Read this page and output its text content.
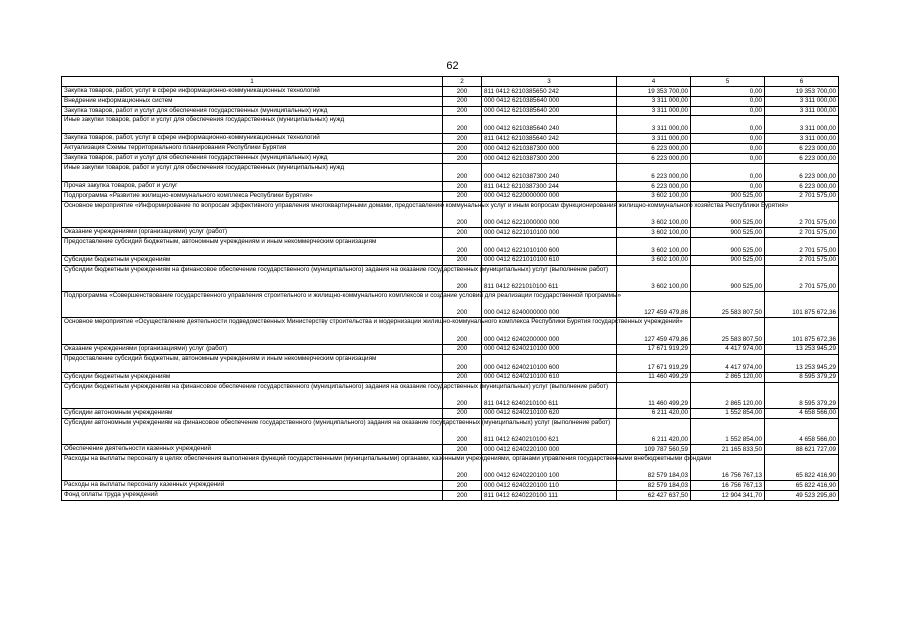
62
1	2	3	4	5	6
Закупка товаров, работ, услуг в сфере информационно-коммуникационных технологий	200	811 0412 6210385650 242	19 353 700,00	0,00	19 353 700,00
Внедрение информационных систем	200	000 0412 6210385640 000	3 311 000,00	0,00	3 311 000,00
Закупка товаров, работ и услуг для обеспечения государственных (муниципальных) нужд	200	000 0412 6210385640 200	3 311 000,00	0,00	3 311 000,00
Иные закупки товаров, работ и услуг для обеспечения государственных (муниципальных) нужд	200	000 0412 6210385640 240	3 311 000,00	0,00	3 311 000,00
Закупка товаров, работ, услуг в сфере информационно-коммуникационных технологий	200	811 0412 6210385640 242	3 311 000,00	0,00	3 311 000,00
Актуализация Схемы территориального планирования Республики Бурятия	200	000 0412 6210387300 000	6 223 000,00	0,00	6 223 000,00
Закупка товаров, работ и услуг для обеспечения государственных (муниципальных) нужд	200	000 0412 6210387300 200	6 223 000,00	0,00	6 223 000,00
Иные закупки товаров, работ и услуг для обеспечения государственных (муниципальных) нужд	200	000 0412 6210387300 240	6 223 000,00	0,00	6 223 000,00
Прочая закупка товаров, работ и услуг	200	811 0412 6210387300 244	6 223 000,00	0,00	6 223 000,00
Подпрограмма «Развитие жилищно-коммунального комплекса Республики Бурятия»	200	000 0412 6220000000 000	3 602 100,00	900 525,00	2 701 575,00
Основное мероприятие «Информирование по вопросам эффективного управления многоквартирными домами, предоставлению коммунальных услуг и иным вопросам функционирования жилищно-коммунального хозяйства Республики Бурятия»	200	000 0412 6221000000 000	3 602 100,00	900 525,00	2 701 575,00
Оказание учреждениями (организациями) услуг (работ)	200	000 0412 6221010100 000	3 602 100,00	900 525,00	2 701 575,00
Предоставление субсидий бюджетным, автономным учреждениям и иным некоммерческим организациям	200	000 0412 6221010100 600	3 602 100,00	900 525,00	2 701 575,00
Субсидии бюджетным учреждениям	200	000 0412 6221010100 610	3 602 100,00	900 525,00	2 701 575,00
Субсидии бюджетным учреждениям на финансовое обеспечение государственного (муниципального) задания на оказание государственных (муниципальных) услуг (выполнение работ)	200	811 0412 6221010100 611	3 602 100,00	900 525,00	2 701 575,00
Подпрограмма «Совершенствование государственного управления строительного и жилищно-коммунального комплексов и создание условий для реализации государственной программы»	200	000 0412 6240000000 000	127 459 479,86	25 583 807,50	101 875 672,36
Основное мероприятие «Осуществление деятельности подведомственных Министерству строительства и модернизации жилищно-коммунального комплекса Республики Бурятия государственных учреждений»	200	000 0412 6240200000 000	127 459 479,86	25 583 807,50	101 875 672,36
Оказание учреждениями (организациями) услуг (работ)	200	000 0412 6240210100 000	17 671 919,29	4 417 974,00	13 253 945,29
Предоставление субсидий бюджетным, автономным учреждениям и иным некоммерческим организациям	200	000 0412 6240210100 600	17 671 919,29	4 417 974,00	13 253 945,29
Субсидии бюджетным учреждениям	200	000 0412 6240210100 610	11 460 499,29	2 865 120,00	8 595 379,29
Субсидии бюджетным учреждениям на финансовое обеспечение государственного (муниципального) задания на оказание государственных (муниципальных) услуг (выполнение работ)	200	811 0412 6240210100 611	11 460 499,29	2 865 120,00	8 595 379,29
Субсидии автономным учреждениям	200	000 0412 6240210100 620	6 211 420,00	1 552 854,00	4 658 566,00
Субсидии автономным учреждениям на финансовое обеспечение государственного (муниципального) задания на оказание государственных (муниципальных) услуг (выполнение работ)	200	811 0412 6240210100 621	6 211 420,00	1 552 854,00	4 658 566,00
Обеспечение деятельности казенных учреждений	200	000 0412 6240220100 000	109 787 560,59	21 165 833,50	88 621 727,09
Расходы на выплаты персоналу в целях обеспечения выполнения функций государственными (муниципальными) органами, казенными учреждениями, органами управления государственными внебюджетными фондами	200	000 0412 6240220100 100	82 579 184,03	16 756 767,13	65 822 416,90
Расходы на выплаты персоналу казенных учреждений	200	000 0412 6240220100 110	82 579 184,03	16 756 767,13	65 822 416,90
Фонд оплаты труда учреждений	200	811 0412 6240220100 111	62 427 637,50	12 904 341,70	49 523 295,80
